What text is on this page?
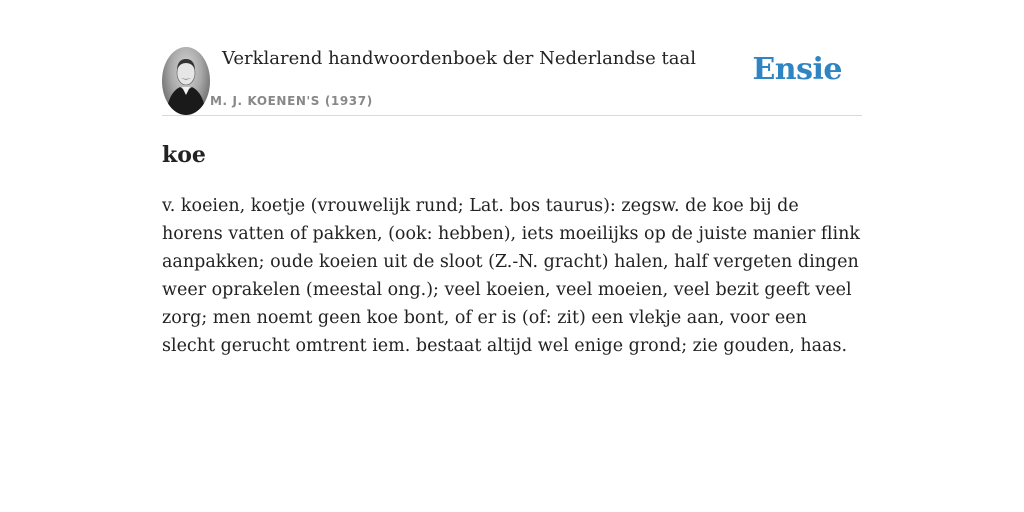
Verklarend handwoordenboek der Nederlandse taal
M. J. KOENEN'S (1937)
Ensie
koe

v. koeien, koetje (vrouwelijk rund; Lat. bos taurus): zegsw. de koe bij de horens vatten of pakken, (ook: hebben), iets moeilijks op de juiste manier flink aanpakken; oude koeien uit de sloot (Z.-N. gracht) halen, half vergeten dingen weer oprakelen (meestal ong.); veel koeien, veel moeien, veel bezit geeft veel zorg; men noemt geen koe bont, of er is (of: zit) een vlekje aan, voor een slecht gerucht omtrent iem. bestaat altijd wel enige grond; zie gouden, haas.
